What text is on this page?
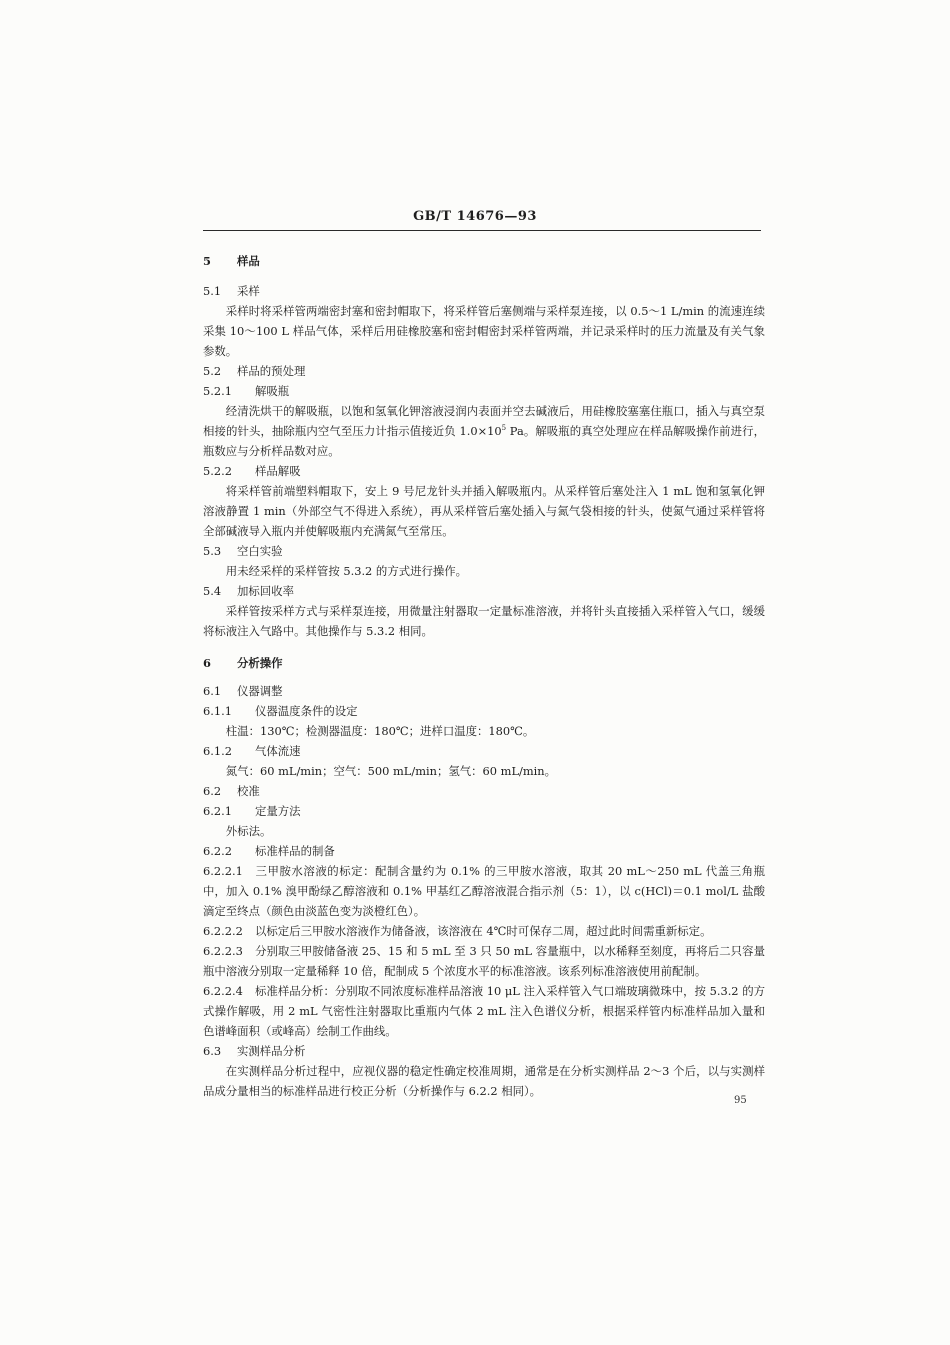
GB/T 14676—93
5 样品
5.1 采样
采样时将采样管两端密封塞和密封帽取下，将采样管后塞侧端与采样泵连接，以 0.5～1 L/min 的流速连续采集 10～100 L 样品气体，采样后用硅橡胶塞和密封帽密封采样管两端，并记录采样时的压力流量及有关气象参数。
5.2 样品的预处理
5.2.1 解吸瓶
经清洗烘干的解吸瓶，以饱和氢氧化钾溶液浸润内表面并空去碱液后，用硅橡胶塞塞住瓶口，插入与真空泵相接的针头，抽除瓶内空气至压力计指示值接近负 $1.0\times 10^5$ Pa。解吸瓶的真空处理应在样品解吸操作前进行，瓶数应与分析样品数对应。
5.2.2 样品解吸
将采样管前端塑料帽取下，安上 9 号尼龙针头并插入解吸瓶内。从采样管后塞处注入 1 mL 饱和氢氧化钾溶液静置 1 min（外部空气不得进入系统），再从采样管后塞处插入与氮气袋相接的针头，使氮气通过采样管将全部碱液导入瓶内并使解吸瓶内充满氮气至常压。
5.3 空白实验
用未经采样的采样管按 5.3.2 的方式进行操作。
5.4 加标回收率
采样管按采样方式与采样泵连接，用微量注射器取一定量标准溶液，并将针头直接插入采样管入气口，缓缓将标液注入气路中。其他操作与 5.3.2 相同。
6 分析操作
6.1 仪器调整
6.1.1 仪器温度条件的设定
柱温：130℃；检测器温度：180℃；进样口温度：180℃。
6.1.2 气体流速
氮气：60 mL/min；空气：500 mL/min；氢气：60 mL/min。
6.2 校准
6.2.1 定量方法
外标法。
6.2.2 标准样品的制备
6.2.2.1 三甲胺水溶液的标定：配制含量约为 0.1% 的三甲胺水溶液，取其 20 mL～250 mL 代盖三角瓶中，加入 0.1% 溴甲酚绿乙醇溶液和 0.1% 甲基红乙醇溶液混合指示剂（5：1），以 c(HCl)＝0.1 mol/L 盐酸滴定至终点（颜色由淡蓝色变为淡橙红色）。
6.2.2.2 以标定后三甲胺水溶液作为储备液，该溶液在 4℃时可保存二周，超过此时间需重新标定。
6.2.2.3 分别取三甲胺储备液 25、15 和 5 mL 至 3 只 50 mL 容量瓶中，以水稀释至刻度，再将后二只容量瓶中溶液分别取一定量稀释 10 倍，配制成 5 个浓度水平的标准溶液。该系列标准溶液使用前配制。
6.2.2.4 标准样品分析：分别取不同浓度标准样品溶液 10 μL 注入采样管入气口端玻璃微珠中，按 5.3.2 的方式操作解吸，用 2 mL 气密性注射器取比重瓶内气体 2 mL 注入色谱仪分析，根据采样管内标准样品加入量和色谱峰面积（或峰高）绘制工作曲线。
6.3 实测样品分析
在实测样品分析过程中，应视仪器的稳定性确定校准周期，通常是在分析实测样品 2～3 个后，以与实测样品成分量相当的标准样品进行校正分析（分析操作与 6.2.2 相同）。
95
